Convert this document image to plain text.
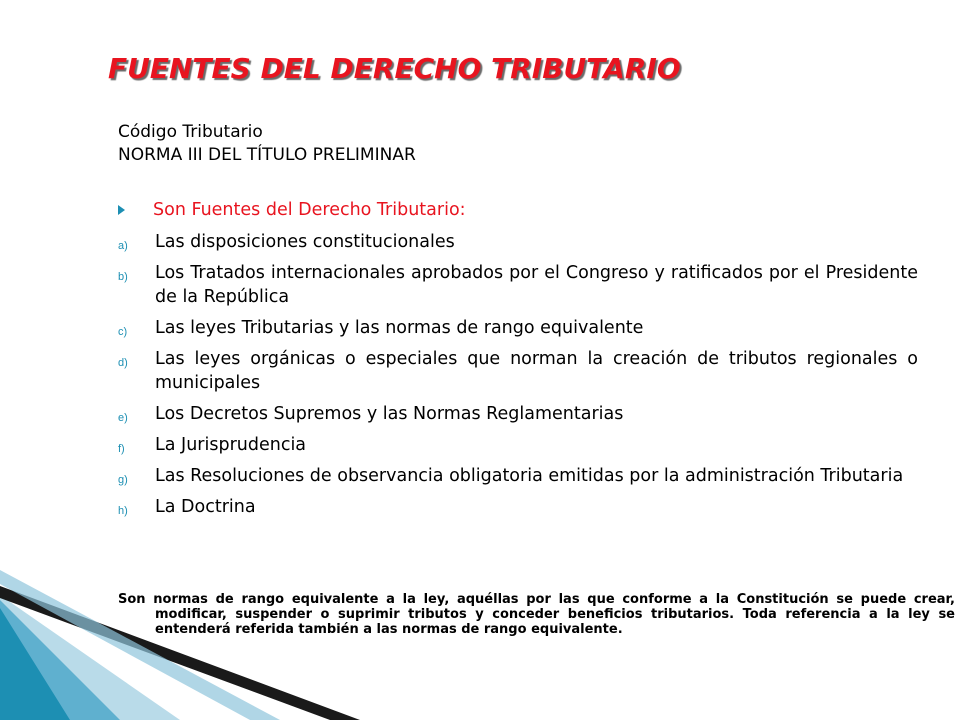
FUENTES DEL DERECHO TRIBUTARIO
Código Tributario
NORMA III DEL TÍTULO PRELIMINAR
Son Fuentes del Derecho Tributario:
a) Las disposiciones constitucionales
b) Los Tratados internacionales aprobados por el Congreso y ratificados por el Presidente de la República
c) Las leyes Tributarias y las normas de rango equivalente
d) Las leyes orgánicas o especiales que norman la creación de tributos regionales o municipales
e) Los Decretos Supremos y las Normas Reglamentarias
f) La Jurisprudencia
g) Las Resoluciones de observancia obligatoria emitidas por la administración Tributaria
h) La Doctrina
Son normas de rango equivalente a la ley, aquéllas por las que conforme a la Constitución se puede crear, modificar, suspender o suprimir tributos y conceder beneficios tributarios. Toda referencia a la ley se entenderá referida también a las normas de rango equivalente.
